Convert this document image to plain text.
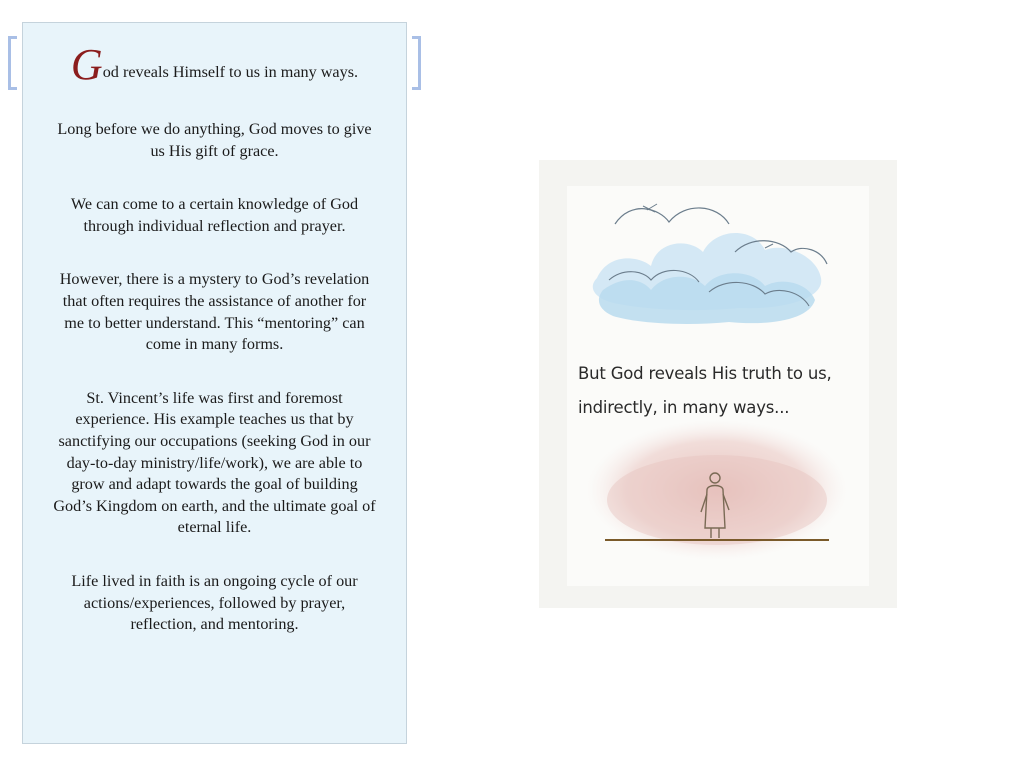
God reveals Himself to us in many ways.

Long before we do anything, God moves to give us His gift of grace.

We can come to a certain knowledge of God through individual reflection and prayer.

However, there is a mystery to God’s revelation that often requires the assistance of another for me to better understand. This “mentoring” can come in many forms.

St. Vincent’s life was first and foremost experience. His example teaches us that by sanctifying our occupations (seeking God in our day-to-day ministry/life/work), we are able to grow and adapt towards the goal of building God’s Kingdom on earth, and the ultimate goal of eternal life.

Life lived in faith is an ongoing cycle of our actions/experiences, followed by prayer, reflection, and mentoring.

But God reveals His truth to us,
indirectly, in many ways...
